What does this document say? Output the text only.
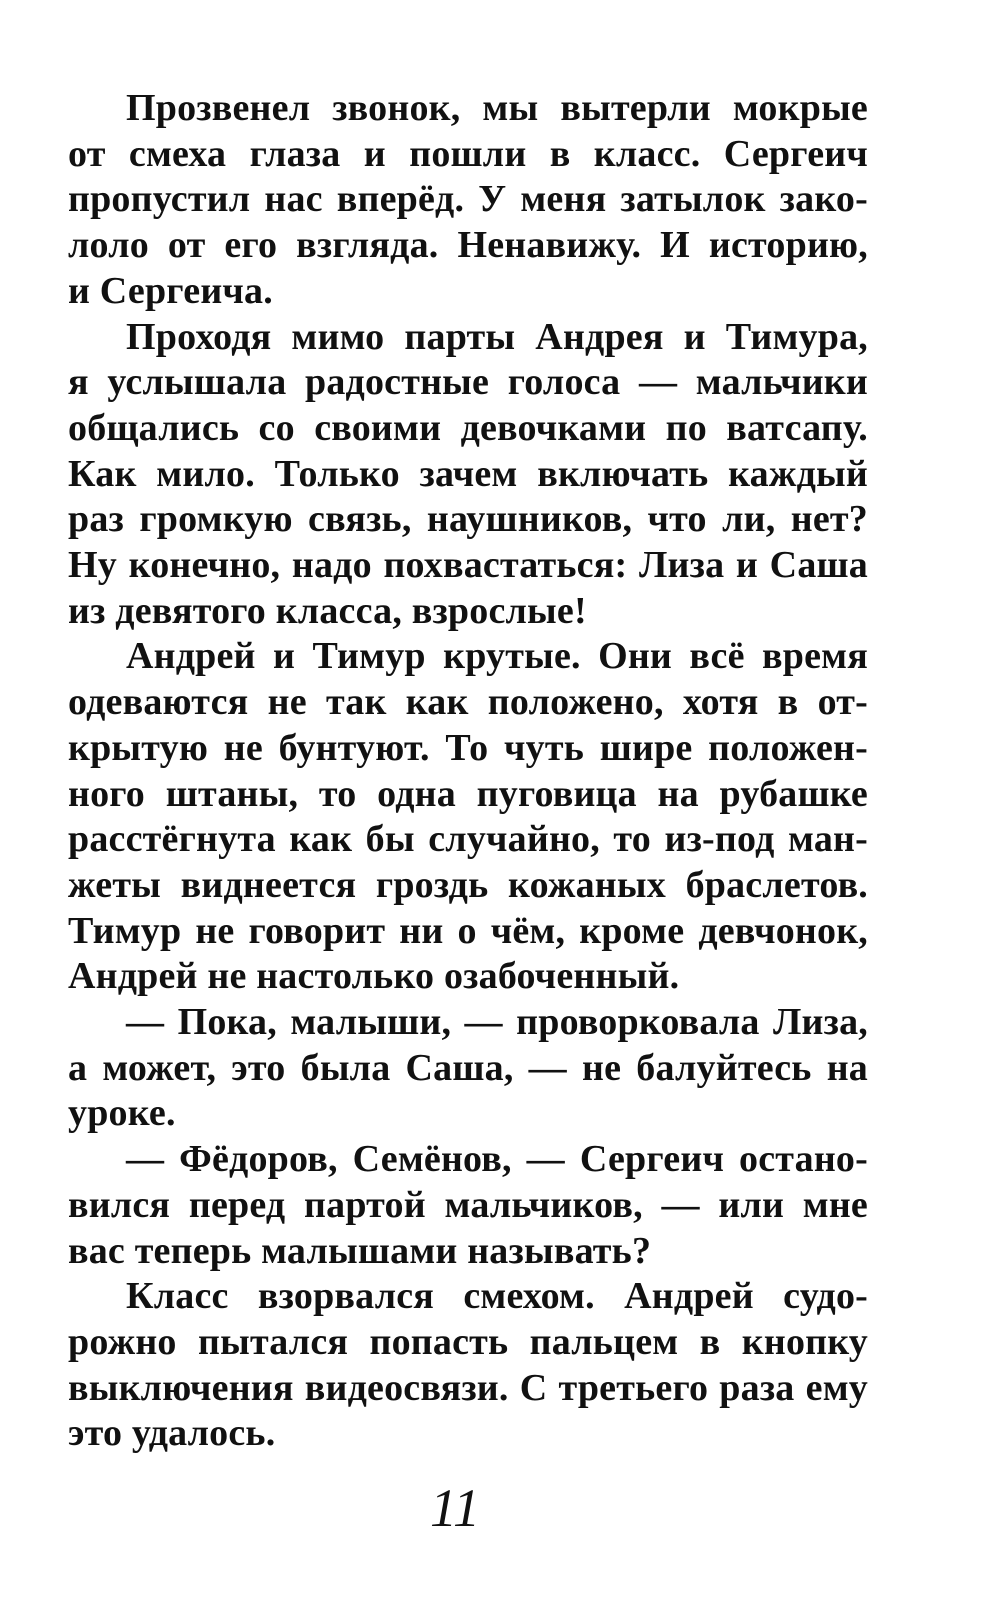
Прозвенел звонок, мы вытерли мокрые
от смеха глаза и пошли в класс. Сергеич
пропустил нас вперёд. У меня затылок зако-
лоло от его взгляда. Ненавижу. И историю,
и Сергеича.
Проходя мимо парты Андрея и Тимура,
я услышала радостные голоса — мальчики
общались со своими девочками по ватсапу.
Как мило. Только зачем включать каждый
раз громкую связь, наушников, что ли, нет?
Ну конечно, надо похвастаться: Лиза и Саша
из девятого класса, взрослые!
Андрей и Тимур крутые. Они всё время
одеваются не так как положено, хотя в от-
крытую не бунтуют. То чуть шире положен-
ного штаны, то одна пуговица на рубашке
расстёгнута как бы случайно, то из-под ман-
жеты виднеется гроздь кожаных браслетов.
Тимур не говорит ни о чём, кроме девчонок,
Андрей не настолько озабоченный.
— Пока, малыши, — проворковала Лиза,
а может, это была Саша, — не балуйтесь на
уроке.
— Фёдоров, Семёнов, — Сергеич остано-
вился перед партой мальчиков, — или мне
вас теперь малышами называть?
Класс взорвался смехом. Андрей судо-
рожно пытался попасть пальцем в кнопку
выключения видеосвязи. С третьего раза ему
это удалось.
11
